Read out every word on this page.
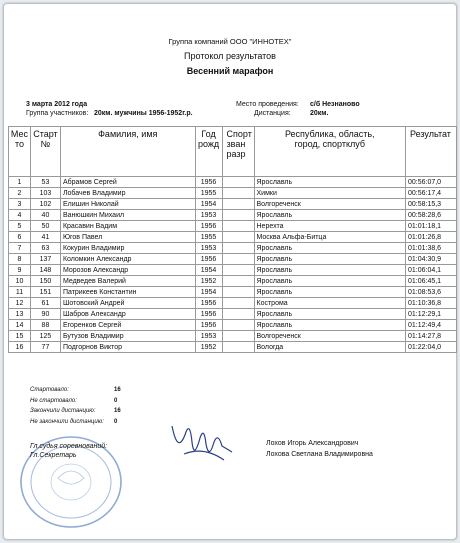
Группа компаний ООО "ИННОТЕХ"
Протокол результатов
Весенний марафон
3 марта 2012 года
Группа участников: 20км. мужчины 1956-1952г.р.
Место проведения: с/б Незнаново
Дистанция:	20км.
Мес
то	Старт
№	Фамилия, имя	Год
рожд	Спорт
зван
разр	Республика, область,
город, спортклуб	Результат
1	53	Абрамов Сергей	1956		Ярославль	00:56:07,0
2	103	Лобачев Владимир	1955		Химки	00:56:17,4
3	102	Елишин Николай	1954		Волгореченск	00:58:15,3
4	40	Ванюшкин Михаил	1953		Ярославль	00:58:28,6
5	50	Красавин Вадим	1956		Нерехта	01:01:18,1
6	41	Югов Павел	1955		Москва Альфа-Битца	01:01:26,8
7	63	Кокурин Владимир	1953		Ярославль	01:01:38,6
8	137	Коломкин Александр	1956		Ярославль	01:04:30,9
9	148	Морозов Александр	1954		Ярославль	01:06:04,1
10	150	Медведев Валерий	1952		Ярославль	01:06:45,1
11	151	Патрикеев Константин	1954		Ярославль	01:08:53,6
12	61	Шотовский Андрей	1956		Кострома	01:10:36,8
13	90	Шабров Александр	1956		Ярославль	01:12:29,1
14	88	Егоренков Сергей	1956		Ярославль	01:12:49,4
15	125	Бутузов Владимир	1953		Волгореченск	01:14:27,8
16	77	Подгорнов Виктор	1952		Вологда	01:22:04,0
Стартовало:	16
Не стартовало:	0
Закончили дистанцию:	16
Не закончили дистанцию: 0
Гл.судья соревнований:	Лохов Игорь Александрович
Гл.Секретарь	Лохова Светлана Владимировна
